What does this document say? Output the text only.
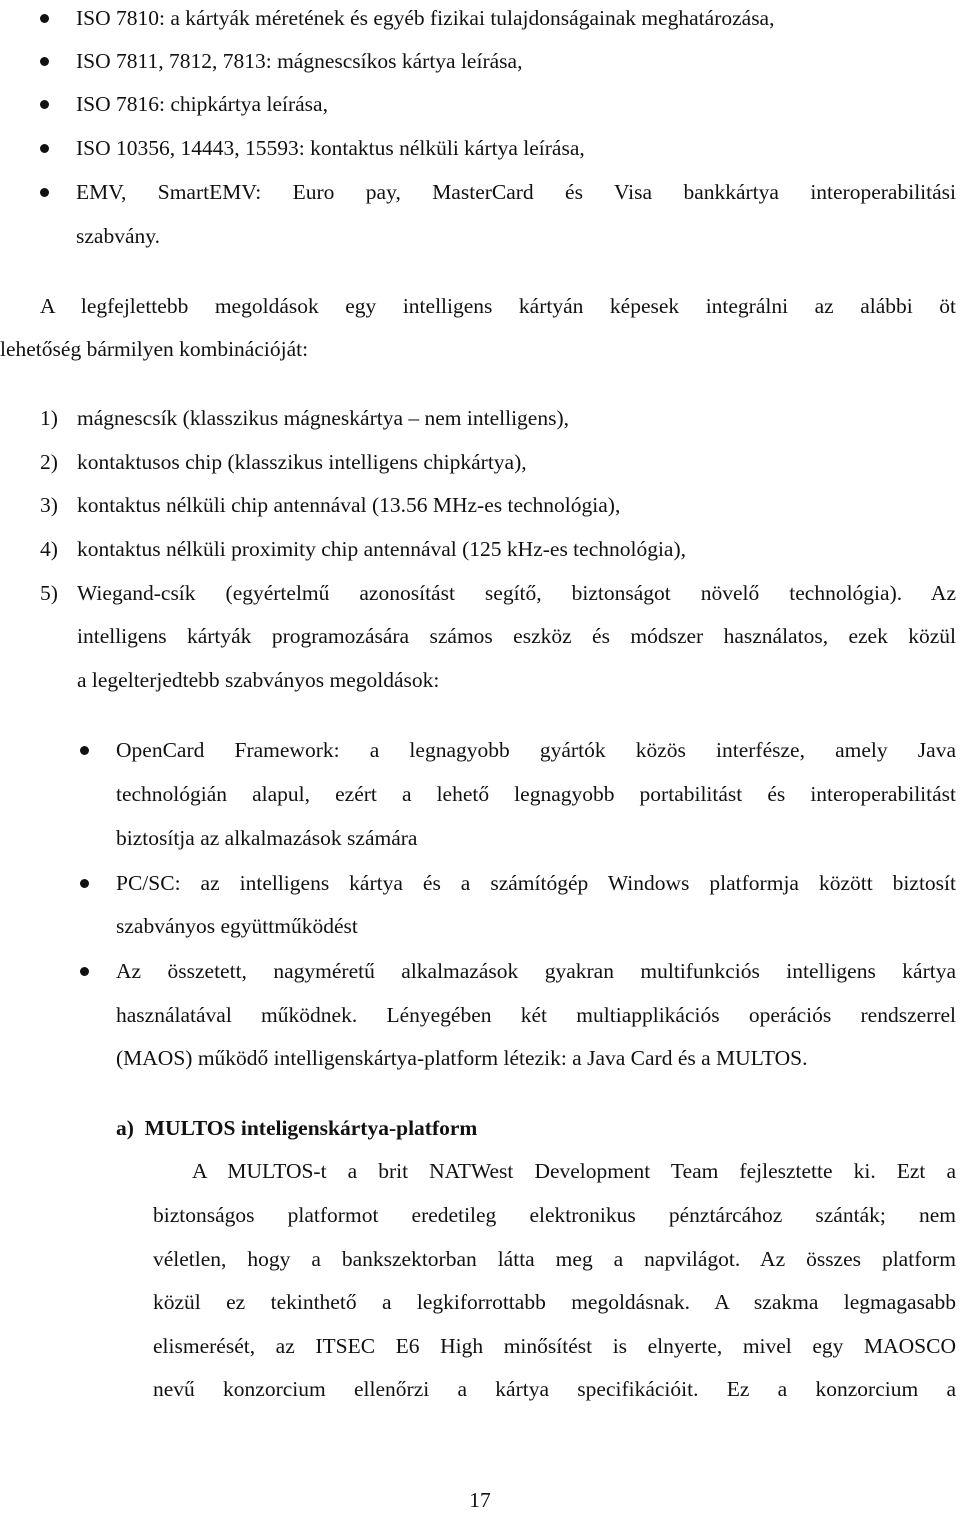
ISO 7810: a kártyák méretének és egyéb fizikai tulajdonságainak meghatározása,
ISO 7811, 7812, 7813: mágnescsíkos kártya leírása,
ISO 7816: chipkártya leírása,
ISO 10356, 14443, 15593: kontaktus nélküli kártya leírása,
EMV, SmartEMV: Euro pay, MasterCard és Visa bankkártya interoperabilitási
szabvány.
A legfejlettebb megoldások egy intelligens kártyán képesek integrálni az alábbi öt
lehetőség bármilyen kombinációját:
1) mágnescsík (klasszikus mágneskártya – nem intelligens),
2) kontaktusos chip (klasszikus intelligens chipkártya),
3) kontaktus nélküli chip antennával (13.56 MHz-es technológia),
4) kontaktus nélküli proximity chip antennával (125 kHz-es technológia),
5) Wiegand-csík (egyértelmű azonosítást segítő, biztonságot növelő technológia). Az
intelligens kártyák programozására számos eszköz és módszer használatos, ezek közül
a legelterjedtebb szabványos megoldások:
OpenCard Framework: a legnagyobb gyártók közös interfésze, amely Java
technológián alapul, ezért a lehető legnagyobb portabilitást és interoperabilitást
biztosítja az alkalmazások számára
PC/SC: az intelligens kártya és a számítógép Windows platformja között biztosít
szabványos együttműködést
Az összetett, nagyméretű alkalmazások gyakran multifunkciós intelligens kártya
használatával működnek. Lényegében két multiapplikációs operációs rendszerrel
(MAOS) működő intelligenskártya-platform létezik: a Java Card és a MULTOS.
a)  MULTOS inteligenskártya-platform
A MULTOS-t a brit NATWest Development Team fejlesztette ki. Ezt a
biztonságos platformot eredetileg elektronikus pénztárcához szánták; nem
véletlen, hogy a bankszektorban látta meg a napvilágot. Az összes platform
közül ez tekinthető a legkiforrottabb megoldásnak. A szakma legmagasabb
elismerését, az ITSEC E6 High minősítést is elnyerte, mivel egy MAOSCO
nevű konzorcium ellenőrzi a kártya specifikációit. Ez a konzorcium a
17
